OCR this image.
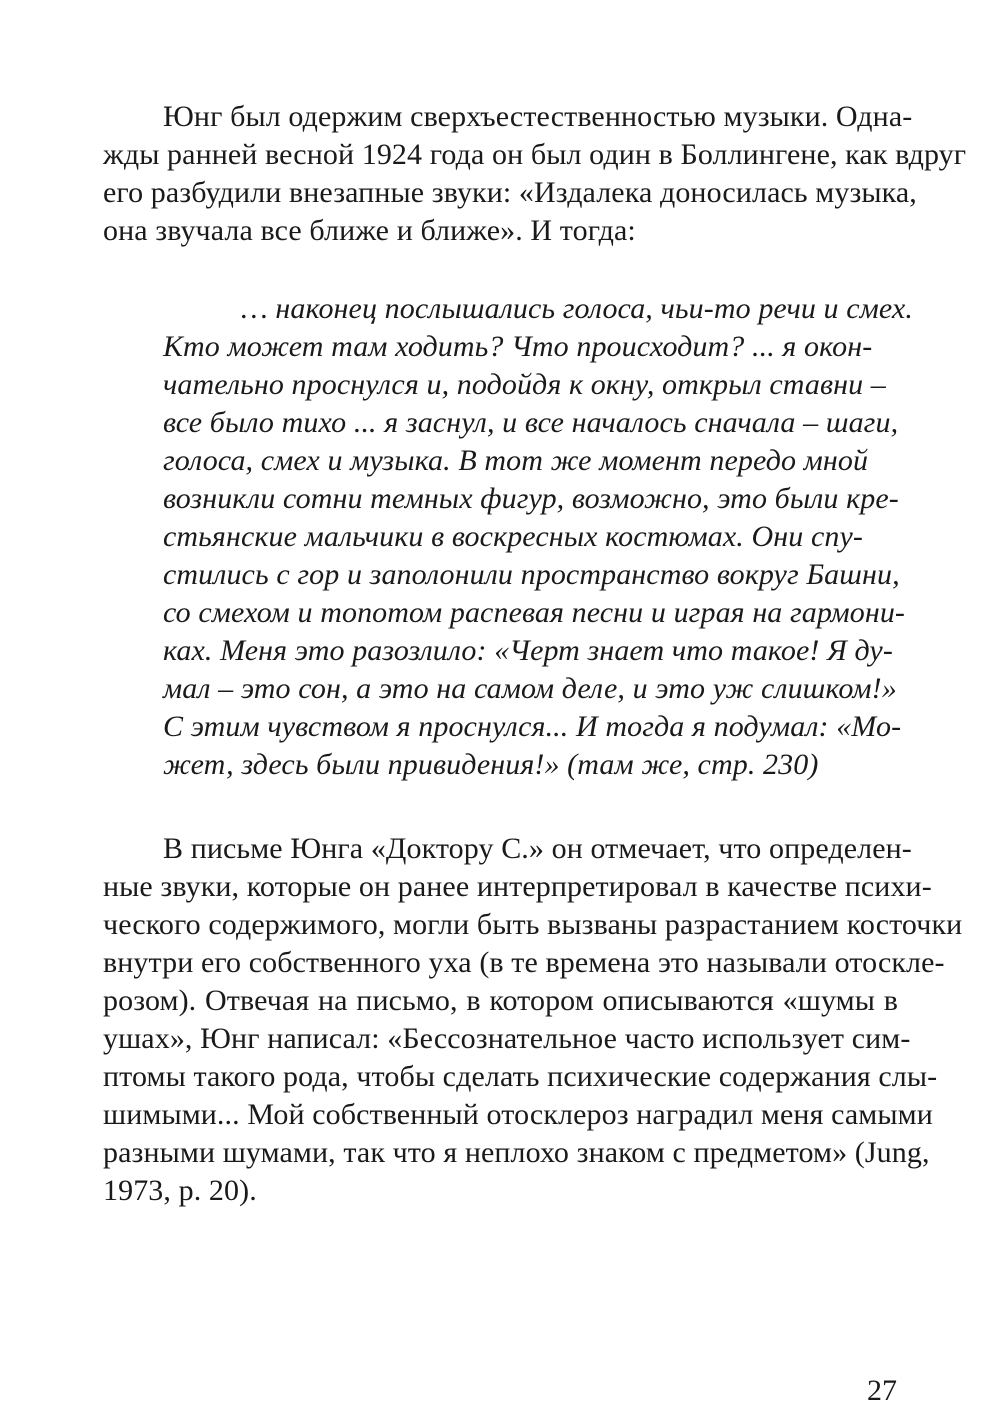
Юнг был одержим сверхъестественностью музыки. Одна-
жды ранней весной 1924 года он был один в Боллингене, как вдруг
его разбудили внезапные звуки: «Издалека доносилась музыка,
она звучала все ближе и ближе». И тогда:
… наконец послышались голоса, чьи-то речи и смех.
Кто может там ходить? Что происходит? ... я окон-
чательно проснулся и, подойдя к окну, открыл ставни –
все было тихо ... я заснул, и все началось сначала – шаги,
голоса, смех и музыка. В тот же момент передо мной
возникли сотни темных фигур, возможно, это были кре-
стьянские мальчики в воскресных костюмах. Они спу-
стились с гор и заполонили пространство вокруг Башни,
со смехом и топотом распевая песни и играя на гармони-
ках. Меня это разозлило: «Черт знает что такое! Я ду-
мал – это сон, а это на самом деле, и это уж слишком!»
С этим чувством я проснулся... И тогда я подумал: «Мо-
жет, здесь были привидения!» (там же, стр. 230)
В письме Юнга «Доктору С.» он отмечает, что определен-
ные звуки, которые он ранее интерпретировал в качестве психи-
ческого содержимого, могли быть вызваны разрастанием косточки
внутри его собственного уха (в те времена это называли отоскле-
розом). Отвечая на письмо, в котором описываются «шумы в
ушах», Юнг написал: «Бессознательное часто использует сим-
птомы такого рода, чтобы сделать психические содержания слы-
шимыми... Мой собственный отосклероз наградил меня самыми
разными шумами, так что я неплохо знаком с предметом» (Jung,
1973, p. 20).
27
